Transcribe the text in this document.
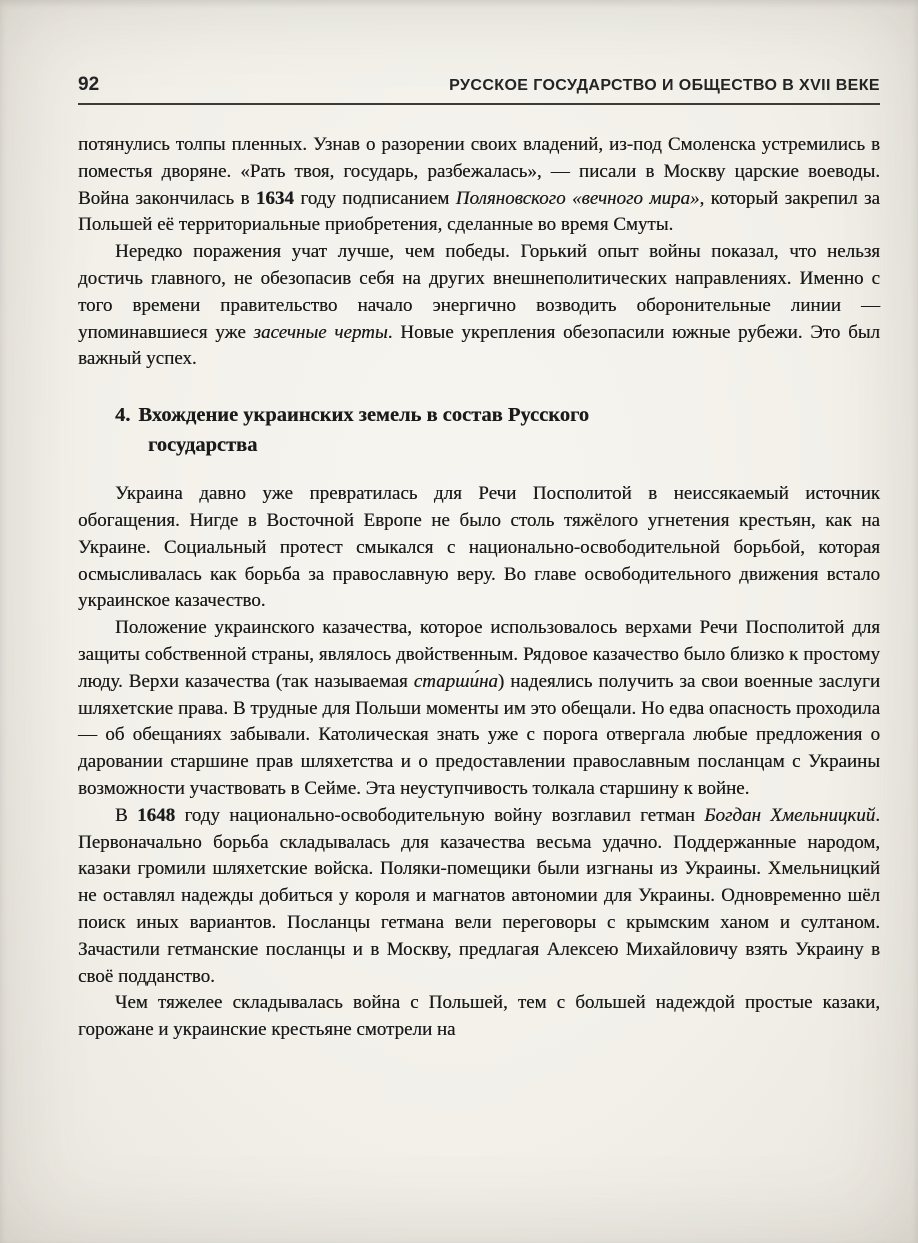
92	РУССКОЕ ГОСУДАРСТВО И ОБЩЕСТВО В XVII ВЕКЕ

потянулись толпы пленных. Узнав о разорении своих владений, из-под Смоленска устремились в поместья дворяне. «Рать твоя, государь, разбежалась», — писали в Москву царские воеводы. Война закончилась в 1634 году подписанием Поляновского «вечного мира», который закрепил за Польшей её территориальные приобретения, сделанные во время Смуты.

Нередко поражения учат лучше, чем победы. Горький опыт войны показал, что нельзя достичь главного, не обезопасив себя на других внешнеполитических направлениях. Именно с того времени правительство начало энергично возводить оборонительные линии — упоминавшиеся уже засечные черты. Новые укрепления обезопасили южные рубежи. Это был важный успех.

4. Вхождение украинских земель в состав Русского государства

Украина давно уже превратилась для Речи Посполитой в неиссякаемый источник обогащения. Нигде в Восточной Европе не было столь тяжёлого угнетения крестьян, как на Украине. Социальный протест смыкался с национально-освободительной борьбой, которая осмысливалась как борьба за православную веру. Во главе освободительного движения встало украинское казачество.

Положение украинского казачества, которое использовалось верхами Речи Посполитой для защиты собственной страны, являлось двойственным. Рядовое казачество было близко к простому люду. Верхи казачества (так называемая старши́на) надеялись получить за свои военные заслуги шляхетские права. В трудные для Польши моменты им это обещали. Но едва опасность проходила — об обещаниях забывали. Католическая знать уже с порога отвергала любые предложения о даровании старшине прав шляхетства и о предоставлении православным посланцам с Украины возможности участвовать в Сейме. Эта неуступчивость толкала старшину к войне.

В 1648 году национально-освободительную войну возглавил гетман Богдан Хмельницкий. Первоначально борьба складывалась для казачества весьма удачно. Поддержанные народом, казаки громили шляхетские войска. Поляки-помещики были изгнаны из Украины. Хмельницкий не оставлял надежды добиться у короля и магнатов автономии для Украины. Одновременно шёл поиск иных вариантов. Посланцы гетмана вели переговоры с крымским ханом и султаном. Зачастили гетманские посланцы и в Москву, предлагая Алексею Михайловичу взять Украину в своё подданство.

Чем тяжелее складывалась война с Польшей, тем с большей надеждой простые казаки, горожане и украинские крестьяне смотрели на
